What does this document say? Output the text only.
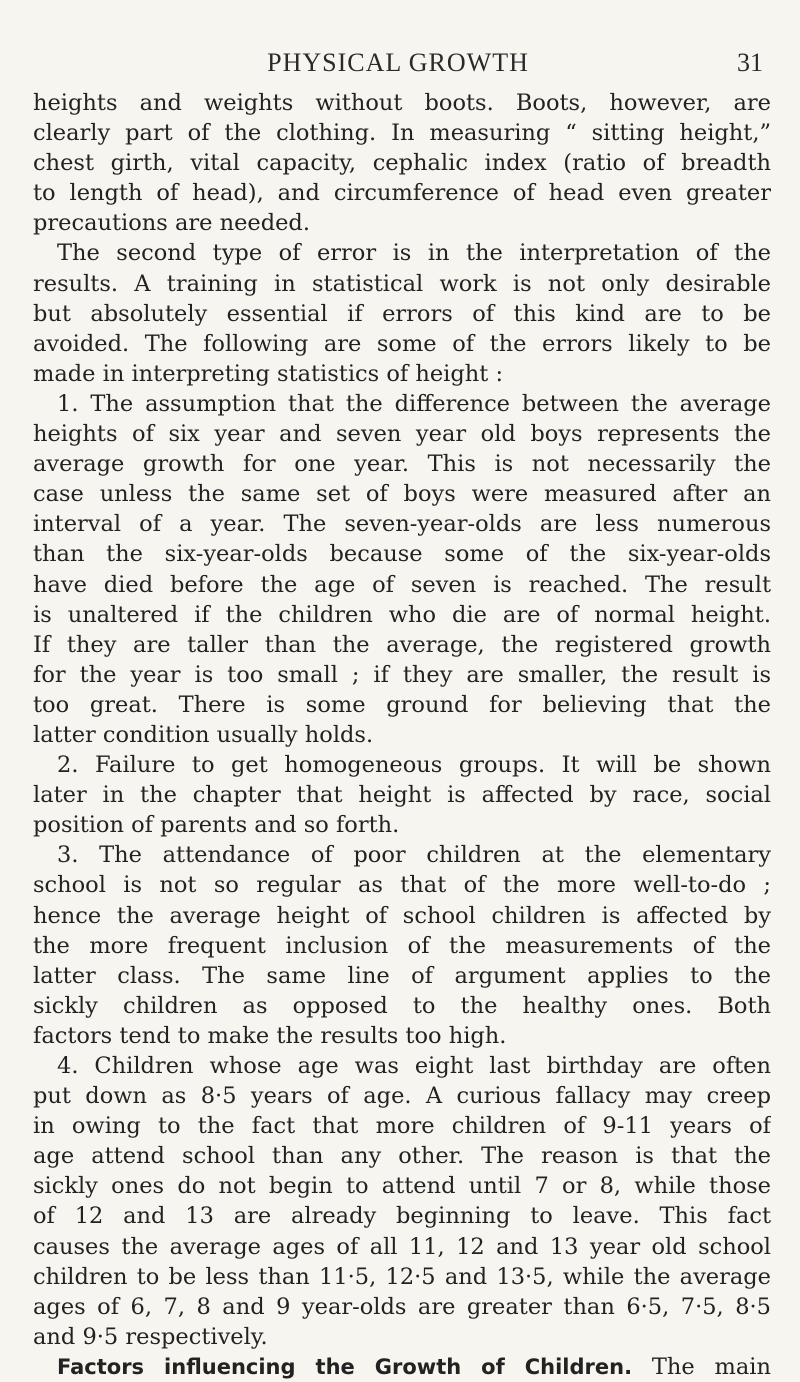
PHYSICAL GROWTH	31
heights and weights without boots. Boots, however, are
clearly part of the clothing. In measuring “ sitting height,”
chest girth, vital capacity, cephalic index (ratio of breadth
to length of head), and circumference of head even greater
precautions are needed.
The second type of error is in the interpretation of the
results. A training in statistical work is not only desirable
but absolutely essential if errors of this kind are to be
avoided. The following are some of the errors likely to be
made in interpreting statistics of height :
1. The assumption that the difference between the average
heights of six year and seven year old boys represents the
average growth for one year. This is not necessarily the
case unless the same set of boys were measured after an
interval of a year. The seven-year-olds are less numerous
than the six-year-olds because some of the six-year-olds
have died before the age of seven is reached. The result
is unaltered if the children who die are of normal height.
If they are taller than the average, the registered growth
for the year is too small ; if they are smaller, the result is
too great. There is some ground for believing that the
latter condition usually holds.
2. Failure to get homogeneous groups. It will be shown
later in the chapter that height is affected by race, social
position of parents and so forth.
3. The attendance of poor children at the elementary
school is not so regular as that of the more well-to-do ;
hence the average height of school children is affected by
the more frequent inclusion of the measurements of the
latter class. The same line of argument applies to the
sickly children as opposed to the healthy ones. Both
factors tend to make the results too high.
4. Children whose age was eight last birthday are often
put down as 8·5 years of age. A curious fallacy may creep
in owing to the fact that more children of 9-11 years of
age attend school than any other. The reason is that the
sickly ones do not begin to attend until 7 or 8, while those
of 12 and 13 are already beginning to leave. This fact
causes the average ages of all 11, 12 and 13 year old school
children to be less than 11·5, 12·5 and 13·5, while the average
ages of 6, 7, 8 and 9 year-olds are greater than 6·5, 7·5, 8·5
and 9·5 respectively.
Factors influencing the Growth of Children. The main
